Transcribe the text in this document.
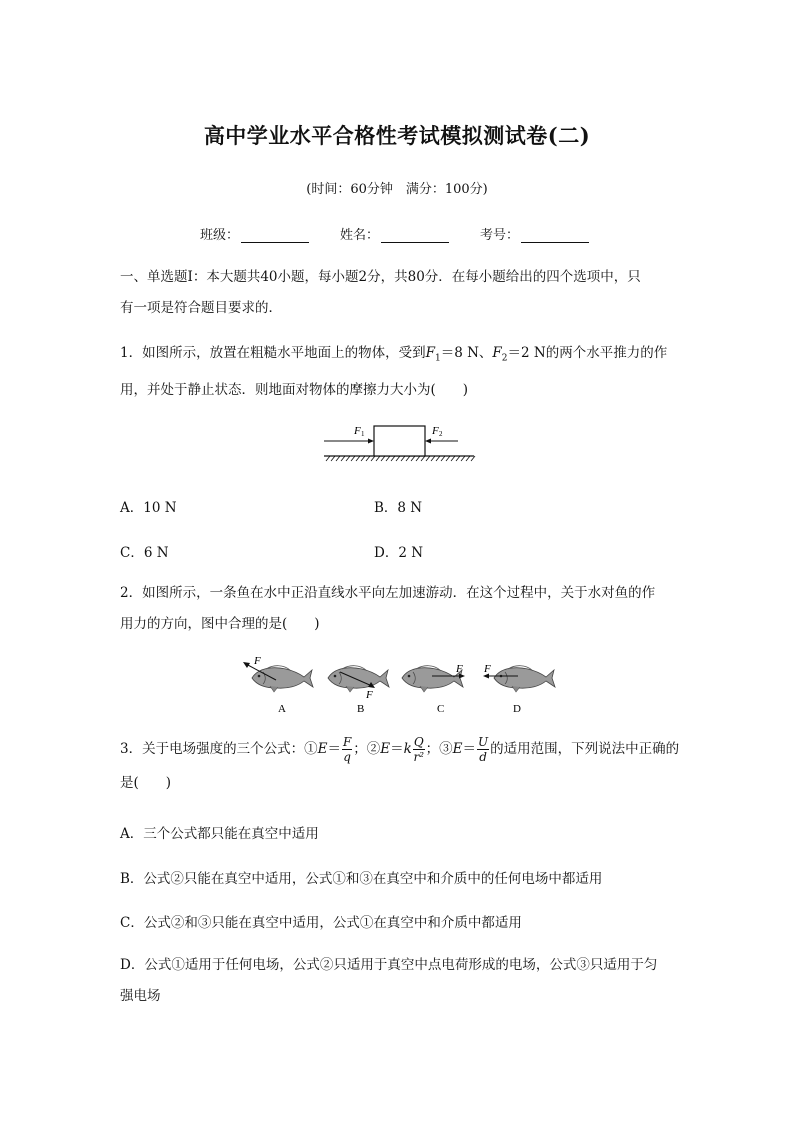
高中学业水平合格性考试模拟测试卷(二)
(时间：60分钟　满分：100分)
班级：	姓名：	考号：
一、单选题Ⅰ：本大题共40小题，每小题2分，共80分．在每小题给出的四个选项中，只
有一项是符合题目要求的．
1．如图所示，放置在粗糙水平地面上的物体，受到$F_1=8$ N、$F_2=2$ N的两个水平推力的作
用，并处于静止状态．则地面对物体的摩擦力大小为(　　)
F 1	F 2
A．10 N	B．8 N
C．6 N	D．2 N
2．如图所示，一条鱼在水中正沿直线水平向左加速游动．在这个过程中，关于水对鱼的作
用力的方向，图中合理的是(　　)
F
F
F F
A	B	C	D
3．关于电场强度的三个公式：①E＝ $\frac{F}{q}$ ；②E＝k $\frac{Q}{\text{r²}}$ ；③E＝ $\frac{U}{d}$ 的适用范围，下列说法中正确的
是(　　)
A．三个公式都只能在真空中适用
B．公式②只能在真空中适用，公式①和③在真空中和介质中的任何电场中都适用
C．公式②和③只能在真空中适用，公式①在真空中和介质中都适用
D．公式①适用于任何电场，公式②只适用于真空中点电荷形成的电场，公式③只适用于匀
强电场
